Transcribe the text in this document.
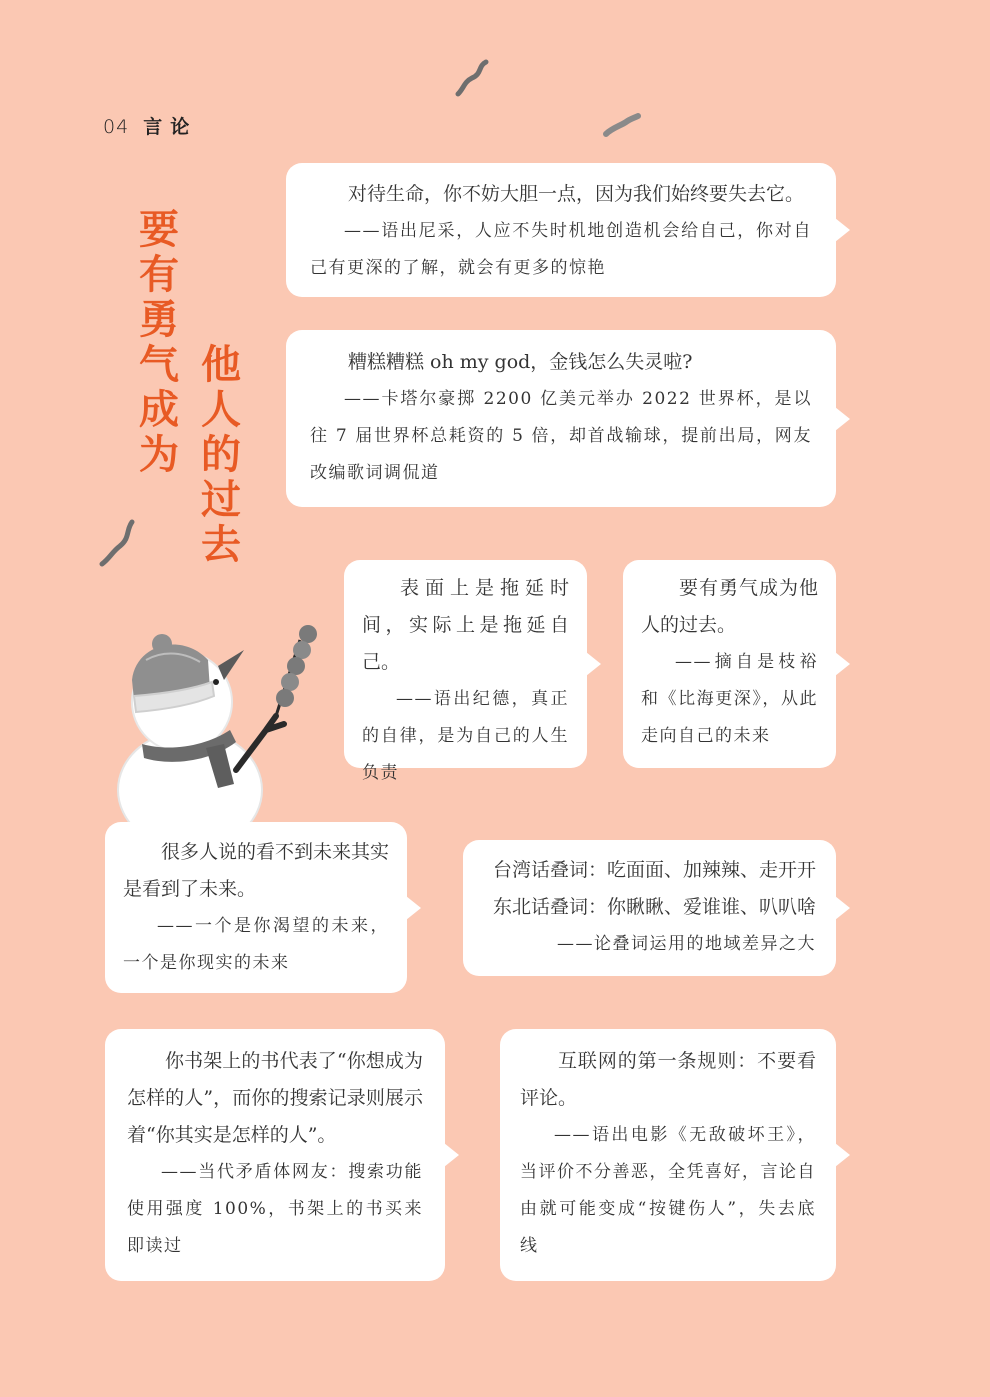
04 言论
要有勇气成为
他人的过去

对待生命，你不妨大胆一点，因为我们始终要失去它。

——语出尼采，人应不失时机地创造机会给自己，你对自己有更深的了解，就会有更多的惊艳

糟糕糟糕 oh my god，金钱怎么失灵啦?

——卡塔尔豪掷 2200 亿美元举办 2022 世界杯，是以往 7 届世界杯总耗资的 5 倍，却首战输球，提前出局，网友改编歌词调侃道

表面上是拖延时间，实际上是拖延自己。

——语出纪德，真正的自律，是为自己的人生负责

要有勇气成为他人的过去。

——摘自是枝裕和《比海更深》，从此走向自己的未来

很多人说的看不到未来其实是看到了未来。

——一个是你渴望的未来，一个是你现实的未来

台湾话叠词：吃面面、加辣辣、走开开

东北话叠词：你瞅瞅、爱谁谁、叭叭啥

——论叠词运用的地域差异之大

你书架上的书代表了“你想成为怎样的人”，而你的搜索记录则展示着“你其实是怎样的人”。

——当代矛盾体网友：搜索功能使用强度 100%，书架上的书买来即读过

互联网的第一条规则：不要看评论。

——语出电影《无敌破坏王》，当评价不分善恶，全凭喜好，言论自由就可能变成“按键伤人”，失去底线
